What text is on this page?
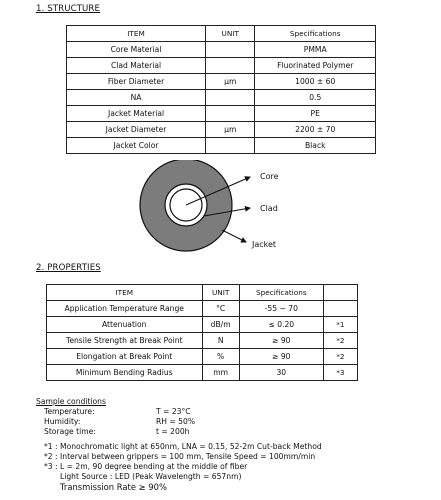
1. STRUCTURE
ITEM	UNIT	Specifications
Core Material		PMMA
Clad Material		Fluorinated Polymer
Fiber Diameter	μm	1000 ± 60
NA		0.5
Jacket Material		PE
Jacket Diameter	μm	2200 ± 70
Jacket Color		Black
Core
Clad
Jacket
2. PROPERTIES
ITEM	UNIT	Specifications	
Application Temperature Range	°C	-55 ~ 70	
Attenuation	dB/m	≤ 0.20	*1
Tensile Strength at Break Point	N	≥ 90	*2
Elongation at Break Point	%	≥ 90	*2
Minimum Bending Radius	mm	30	*3
Sample conditions
Temperature:	T = 23°C
Humidity:	RH = 50%
Storage time:	t = 200h
*1 : Monochromatic light at 650nm, LNA = 0.15, 52-2m Cut-back Method
*2 : Interval between grippers = 100 mm, Tensile Speed = 100mm/min
*3 : L = 2m, 90 degree bending at the middle of fiber
Light Source : LED (Peak Wavelength = 657nm)
Transmission Rate ≥ 90%
